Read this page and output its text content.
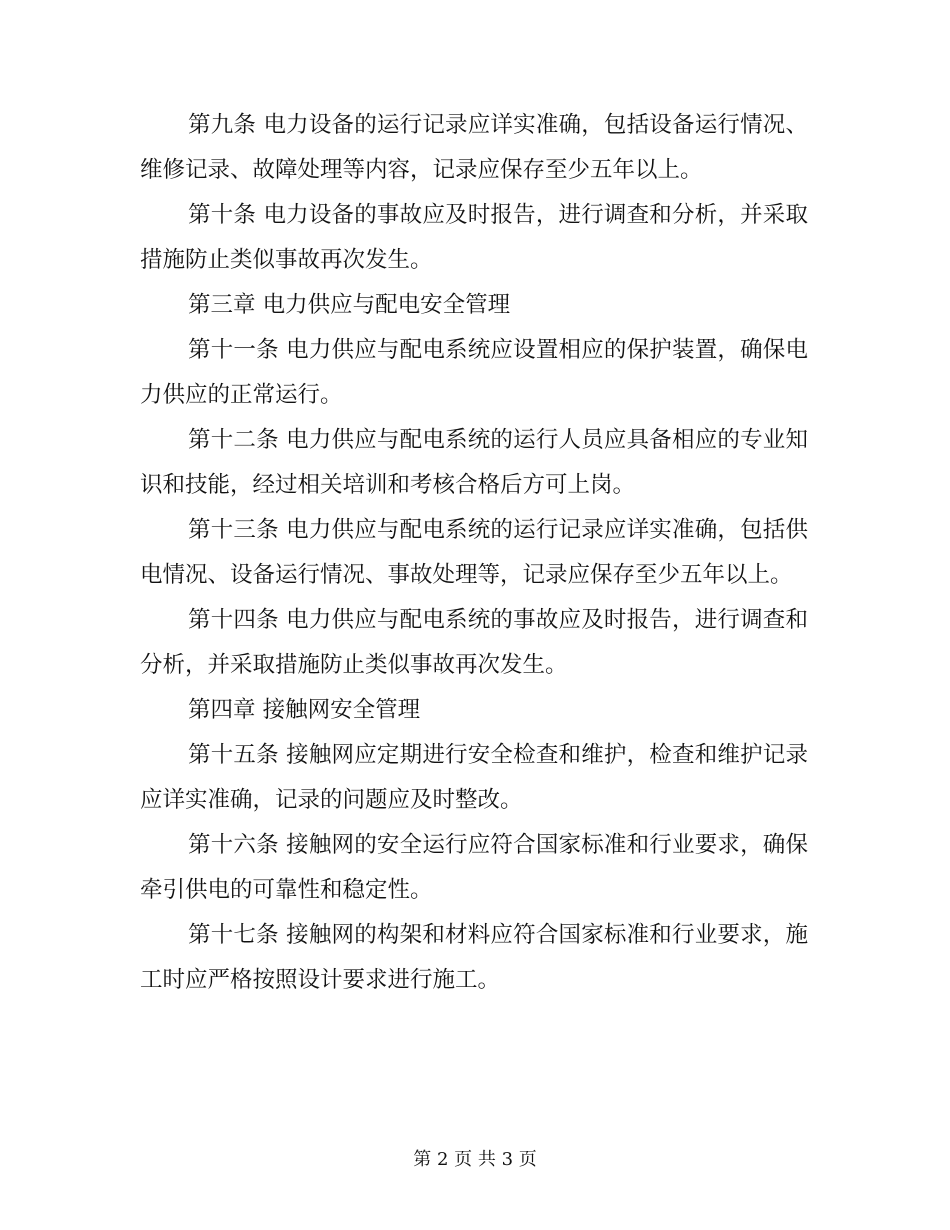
第九条 电力设备的运行记录应详实准确，包括设备运行情况、维修记录、故障处理等内容，记录应保存至少五年以上。

第十条 电力设备的事故应及时报告，进行调查和分析，并采取措施防止类似事故再次发生。

第三章 电力供应与配电安全管理

第十一条 电力供应与配电系统应设置相应的保护装置，确保电力供应的正常运行。

第十二条 电力供应与配电系统的运行人员应具备相应的专业知识和技能，经过相关培训和考核合格后方可上岗。

第十三条 电力供应与配电系统的运行记录应详实准确，包括供电情况、设备运行情况、事故处理等，记录应保存至少五年以上。

第十四条 电力供应与配电系统的事故应及时报告，进行调查和分析，并采取措施防止类似事故再次发生。

第四章 接触网安全管理

第十五条 接触网应定期进行安全检查和维护，检查和维护记录应详实准确，记录的问题应及时整改。

第十六条 接触网的安全运行应符合国家标准和行业要求，确保牵引供电的可靠性和稳定性。

第十七条 接触网的构架和材料应符合国家标准和行业要求，施工时应严格按照设计要求进行施工。

第 2 页 共 3 页
